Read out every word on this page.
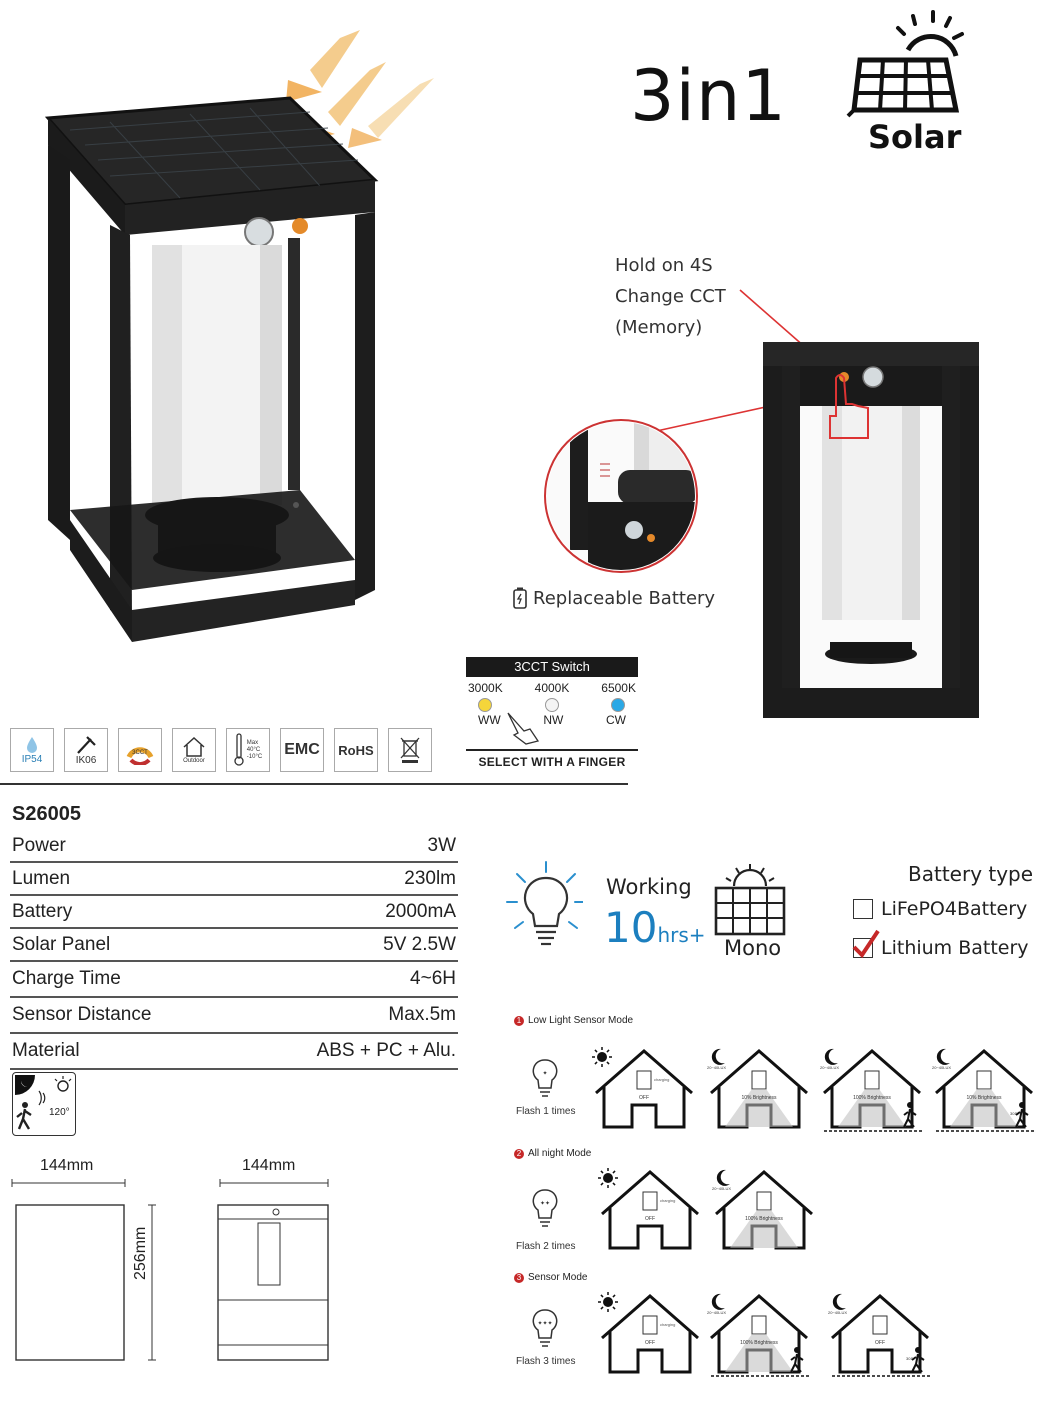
3in1	Solar
Hold on 4S
Change CCT
(Memory)
Replaceable Battery
3CCT Switch
3000K	4000K	6500K
WW	NW	CW
SELECT WITH A FINGER
IP54	IK06
3CCT
Outdoor
Max
40°C
-10°C EMC RoHS
S26005
Power	3W
Lumen	230lm
Battery	2000mA
Solar Panel	5V 2.5W
Charge Time	4~6H
Sensor Distance	Max.5m
Material	ABS + PC + Alu.
120°
144mm	144mm
256mm
Working
10hrs+
Mono
Battery type
LiFePO4Battery
Lithium Battery
1 Low Light Sensor Mode
✦
Flash 1 times
2 All night Mode
✦✦
Flash 2 times
3 Sensor Mode
✦✦✦
Flash 3 times
OFF
charging
10% Brightness
20~40LUX
100% Brightness
20~40LUX
10% Brightness
20~40LUX
30S
OFF
charging
100% Brightness
20~40LUX
OFF
charging
100% Brightness
20~40LUX
OFF
20~40LUX
30S
